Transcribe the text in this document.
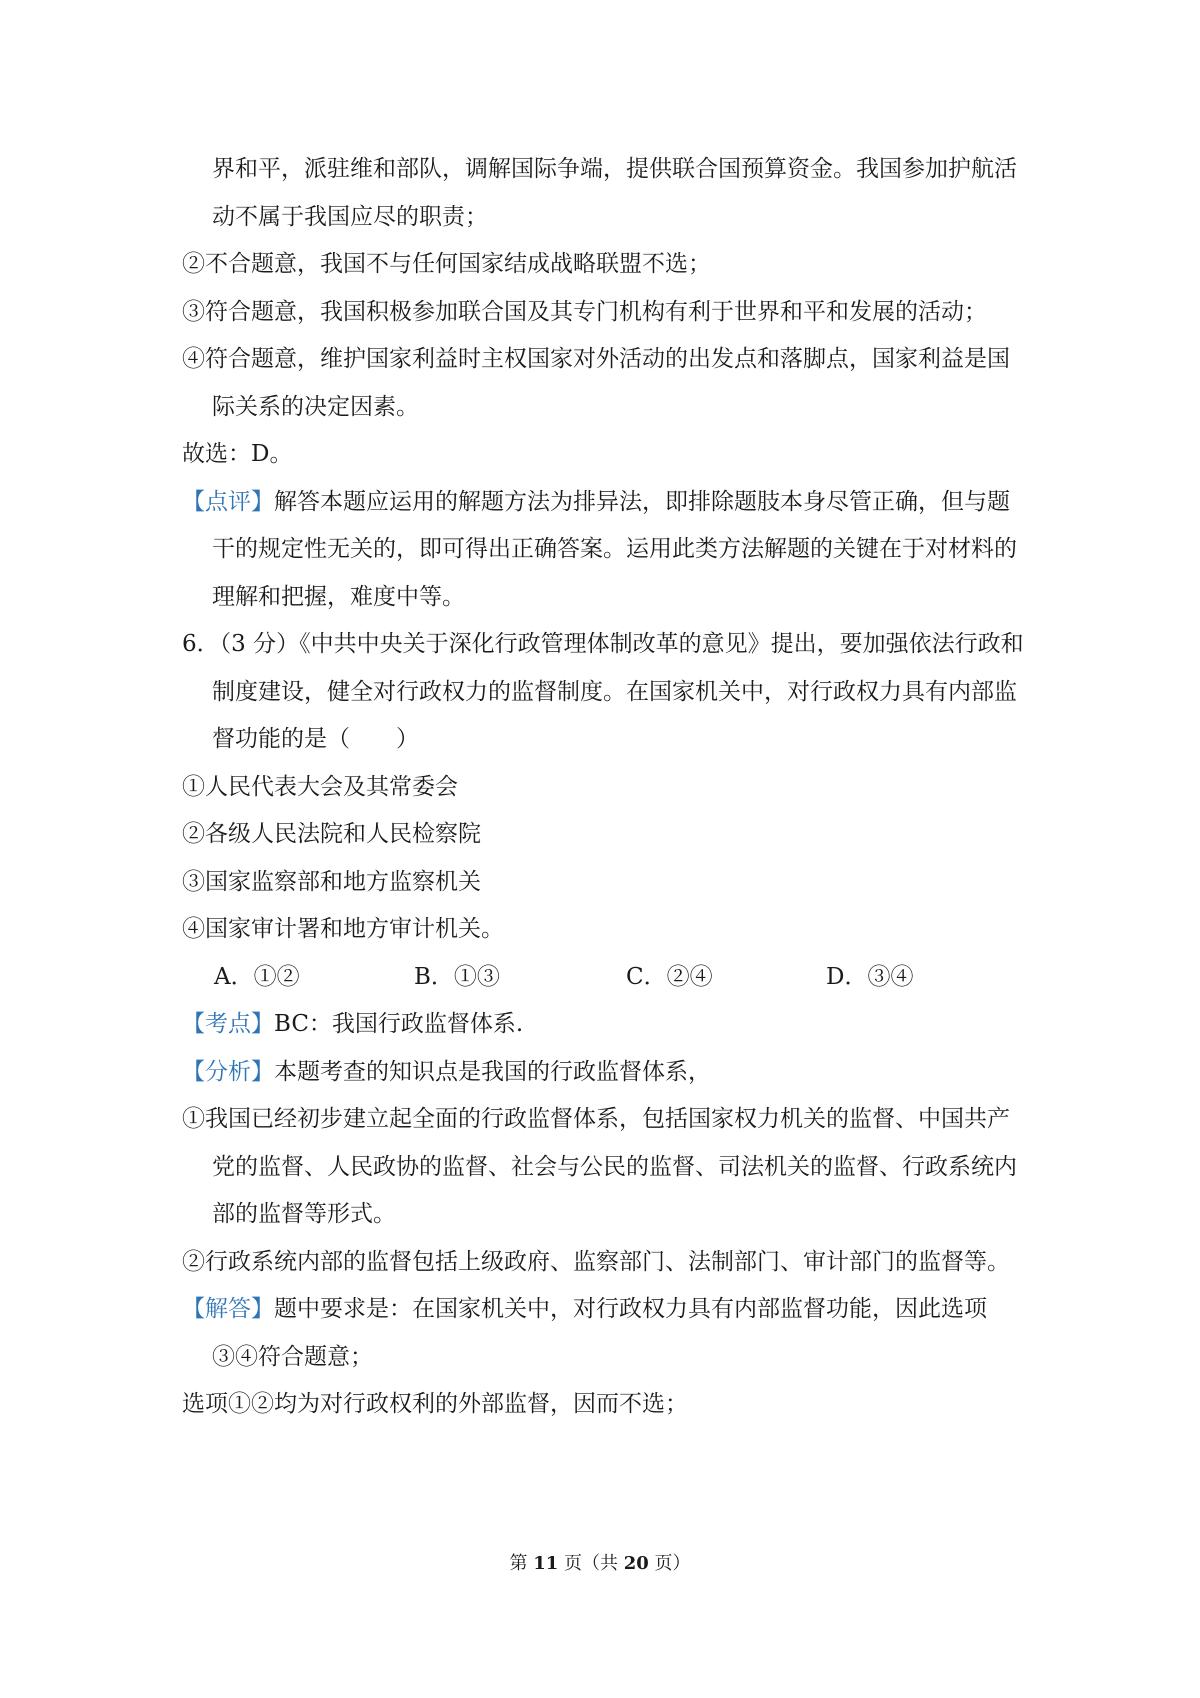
界和平，派驻维和部队，调解国际争端，提供联合国预算资金。我国参加护航活动不属于我国应尽的职责；

②不合题意，我国不与任何国家结成战略联盟不选；

③符合题意，我国积极参加联合国及其专门机构有利于世界和平和发展的活动；

④符合题意，维护国家利益时主权国家对外活动的出发点和落脚点，国家利益是国际关系的决定因素。

故选：D。

【点评】解答本题应运用的解题方法为排异法，即排除题肢本身尽管正确，但与题干的规定性无关的，即可得出正确答案。运用此类方法解题的关键在于对材料的理解和把握，难度中等。

6．（3 分）《中共中央关于深化行政管理体制改革的意见》提出，要加强依法行政和制度建设，健全对行政权力的监督制度。在国家机关中，对行政权力具有内部监督功能的是（　　）

①人民代表大会及其常委会

②各级人民法院和人民检察院

③国家监察部和地方监察机关

④国家审计署和地方审计机关。

A．①②	B．①③	C．②④	D．③④

【考点】BC：我国行政监督体系.

【分析】本题考查的知识点是我国的行政监督体系，

①我国已经初步建立起全面的行政监督体系，包括国家权力机关的监督、中国共产党的监督、人民政协的监督、社会与公民的监督、司法机关的监督、行政系统内部的监督等形式。

②行政系统内部的监督包括上级政府、监察部门、法制部门、审计部门的监督等。

【解答】题中要求是：在国家机关中，对行政权力具有内部监督功能，因此选项③④符合题意；

选项①②均为对行政权利的外部监督，因而不选；

第 11 页（共 20 页）
